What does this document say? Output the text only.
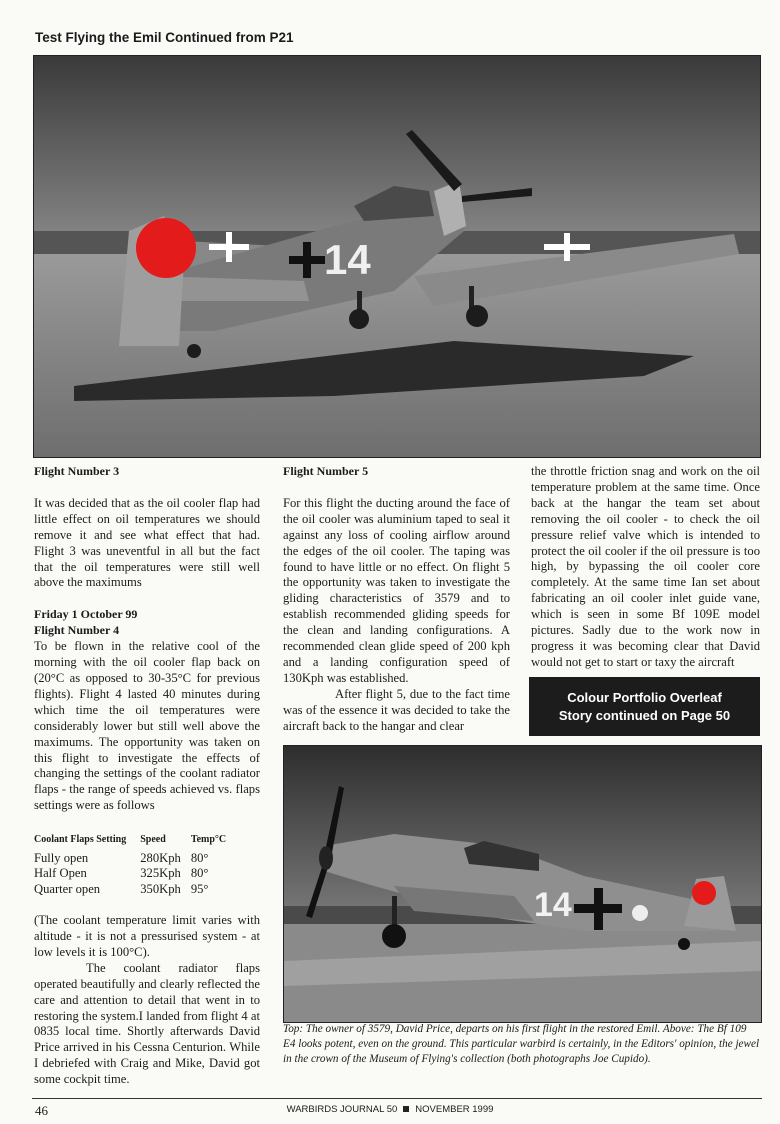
Test Flying the Emil Continued from P21
14

Flight Number 3

It was decided that as the oil cooler flap had little effect on oil temperatures we should remove it and see what effect that had. Flight 3 was uneventful in all but the fact that the oil temperatures were still well above the maximums

Friday 1 October 99

Flight Number 4

To be flown in the relative cool of the morning with the oil cooler flap back on (20°C as opposed to 30-35°C for previous flights). Flight 4 lasted 40 minutes during which time the oil temperatures were considerably lower but still well above the maximums. The opportunity was taken on this flight to investigate the effects of changing the settings of the coolant radiator flaps - the range of speeds achieved vs. flaps settings were as follows

Coolant Flaps Setting	Speed	Temp°C
Fully open	280Kph	80°
Half Open	325Kph	80°
Quarter open	350Kph	95°

(The coolant temperature limit varies with altitude - it is not a pressurised system - at low levels it is 100°C).

The coolant radiator flaps operated beautifully and clearly reflected the care and attention to detail that went in to restoring the system.I landed from flight 4 at 0835 local time. Shortly afterwards David Price arrived in his Cessna Centurion. While I debriefed with Craig and Mike, David got some cockpit time.

Flight Number 5

For this flight the ducting around the face of the oil cooler was aluminium taped to seal it against any loss of cooling airflow around the edges of the oil cooler. The taping was found to have little or no effect. On flight 5 the opportunity was taken to investigate the gliding characteristics of 3579 and to establish recommended gliding speeds for the clean and landing configurations. A recommended clean glide speed of 200 kph and a landing configuration speed of 130Kph was established.

After flight 5, due to the fact time was of the essence it was decided to take the aircraft back to the hangar and clear

the throttle friction snag and work on the oil temperature problem at the same time. Once back at the hangar the team set about removing the oil cooler - to check the oil pressure relief valve which is intended to protect the oil cooler if the oil pressure is too high, by bypassing the oil cooler core completely. At the same time Ian set about fabricating an oil cooler inlet guide vane, which is seen in some Bf 109E model pictures. Sadly due to the work now in progress it was becoming clear that David would not get to start or taxy the aircraft

Colour Portfolio Overleaf
Story continued on Page 50
14
Top: The owner of 3579, David Price, departs on his first flight in the restored Emil. Above: The Bf 109 E4 looks potent, even on the ground. This particular warbird is certainly, in the Editors' opinion, the jewel in the crown of the Museum of Flying's collection (both photographs Joe Cupido).
46	WARBIRDS JOURNAL 50 NOVEMBER 1999
